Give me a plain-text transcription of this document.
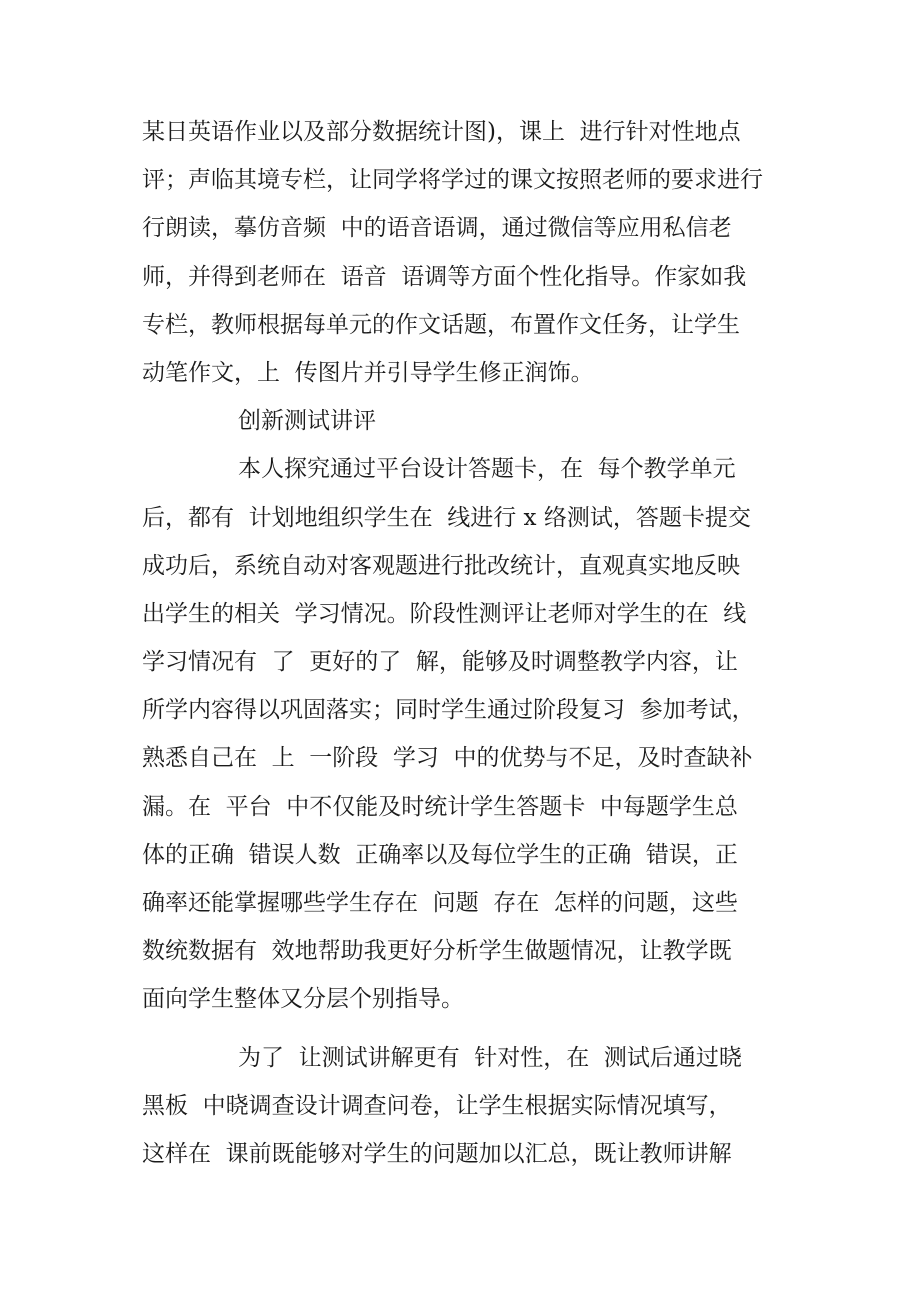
某日英语作业以及部分数据统计图)，课上  进行针对性地点
评；声临其境专栏，让同学将学过的课文按照老师的要求进行
行朗读，摹仿音频  中的语音语调，通过微信等应用私信老
师，并得到老师在  语音  语调等方面个性化指导。作家如我
专栏，教师根据每单元的作文话题，布置作文任务，让学生
动笔作文，上  传图片并引导学生修正润饰。
创新测试讲评
本人探究通过平台设计答题卡，在  每个教学单元
后，都有  计划地组织学生在  线进行 x 络测试，答题卡提交
成功后，系统自动对客观题进行批改统计，直观真实地反映
出学生的相关  学习情况。阶段性测评让老师对学生的在  线
学习情况有  了  更好的了  解，能够及时调整教学内容，让
所学内容得以巩固落实；同时学生通过阶段复习  参加考试，
熟悉自己在  上  一阶段  学习  中的优势与不足，及时查缺补
漏。在  平台  中不仅能及时统计学生答题卡  中每题学生总
体的正确  错误人数  正确率以及每位学生的正确  错误，正
确率还能掌握哪些学生存在  问题  存在  怎样的问题，这些
数统数据有  效地帮助我更好分析学生做题情况，让教学既
面向学生整体又分层个别指导。
为了  让测试讲解更有  针对性，在  测试后通过晓
黑板  中晓调查设计调查问卷，让学生根据实际情况填写，
这样在  课前既能够对学生的问题加以汇总，既让教师讲解
